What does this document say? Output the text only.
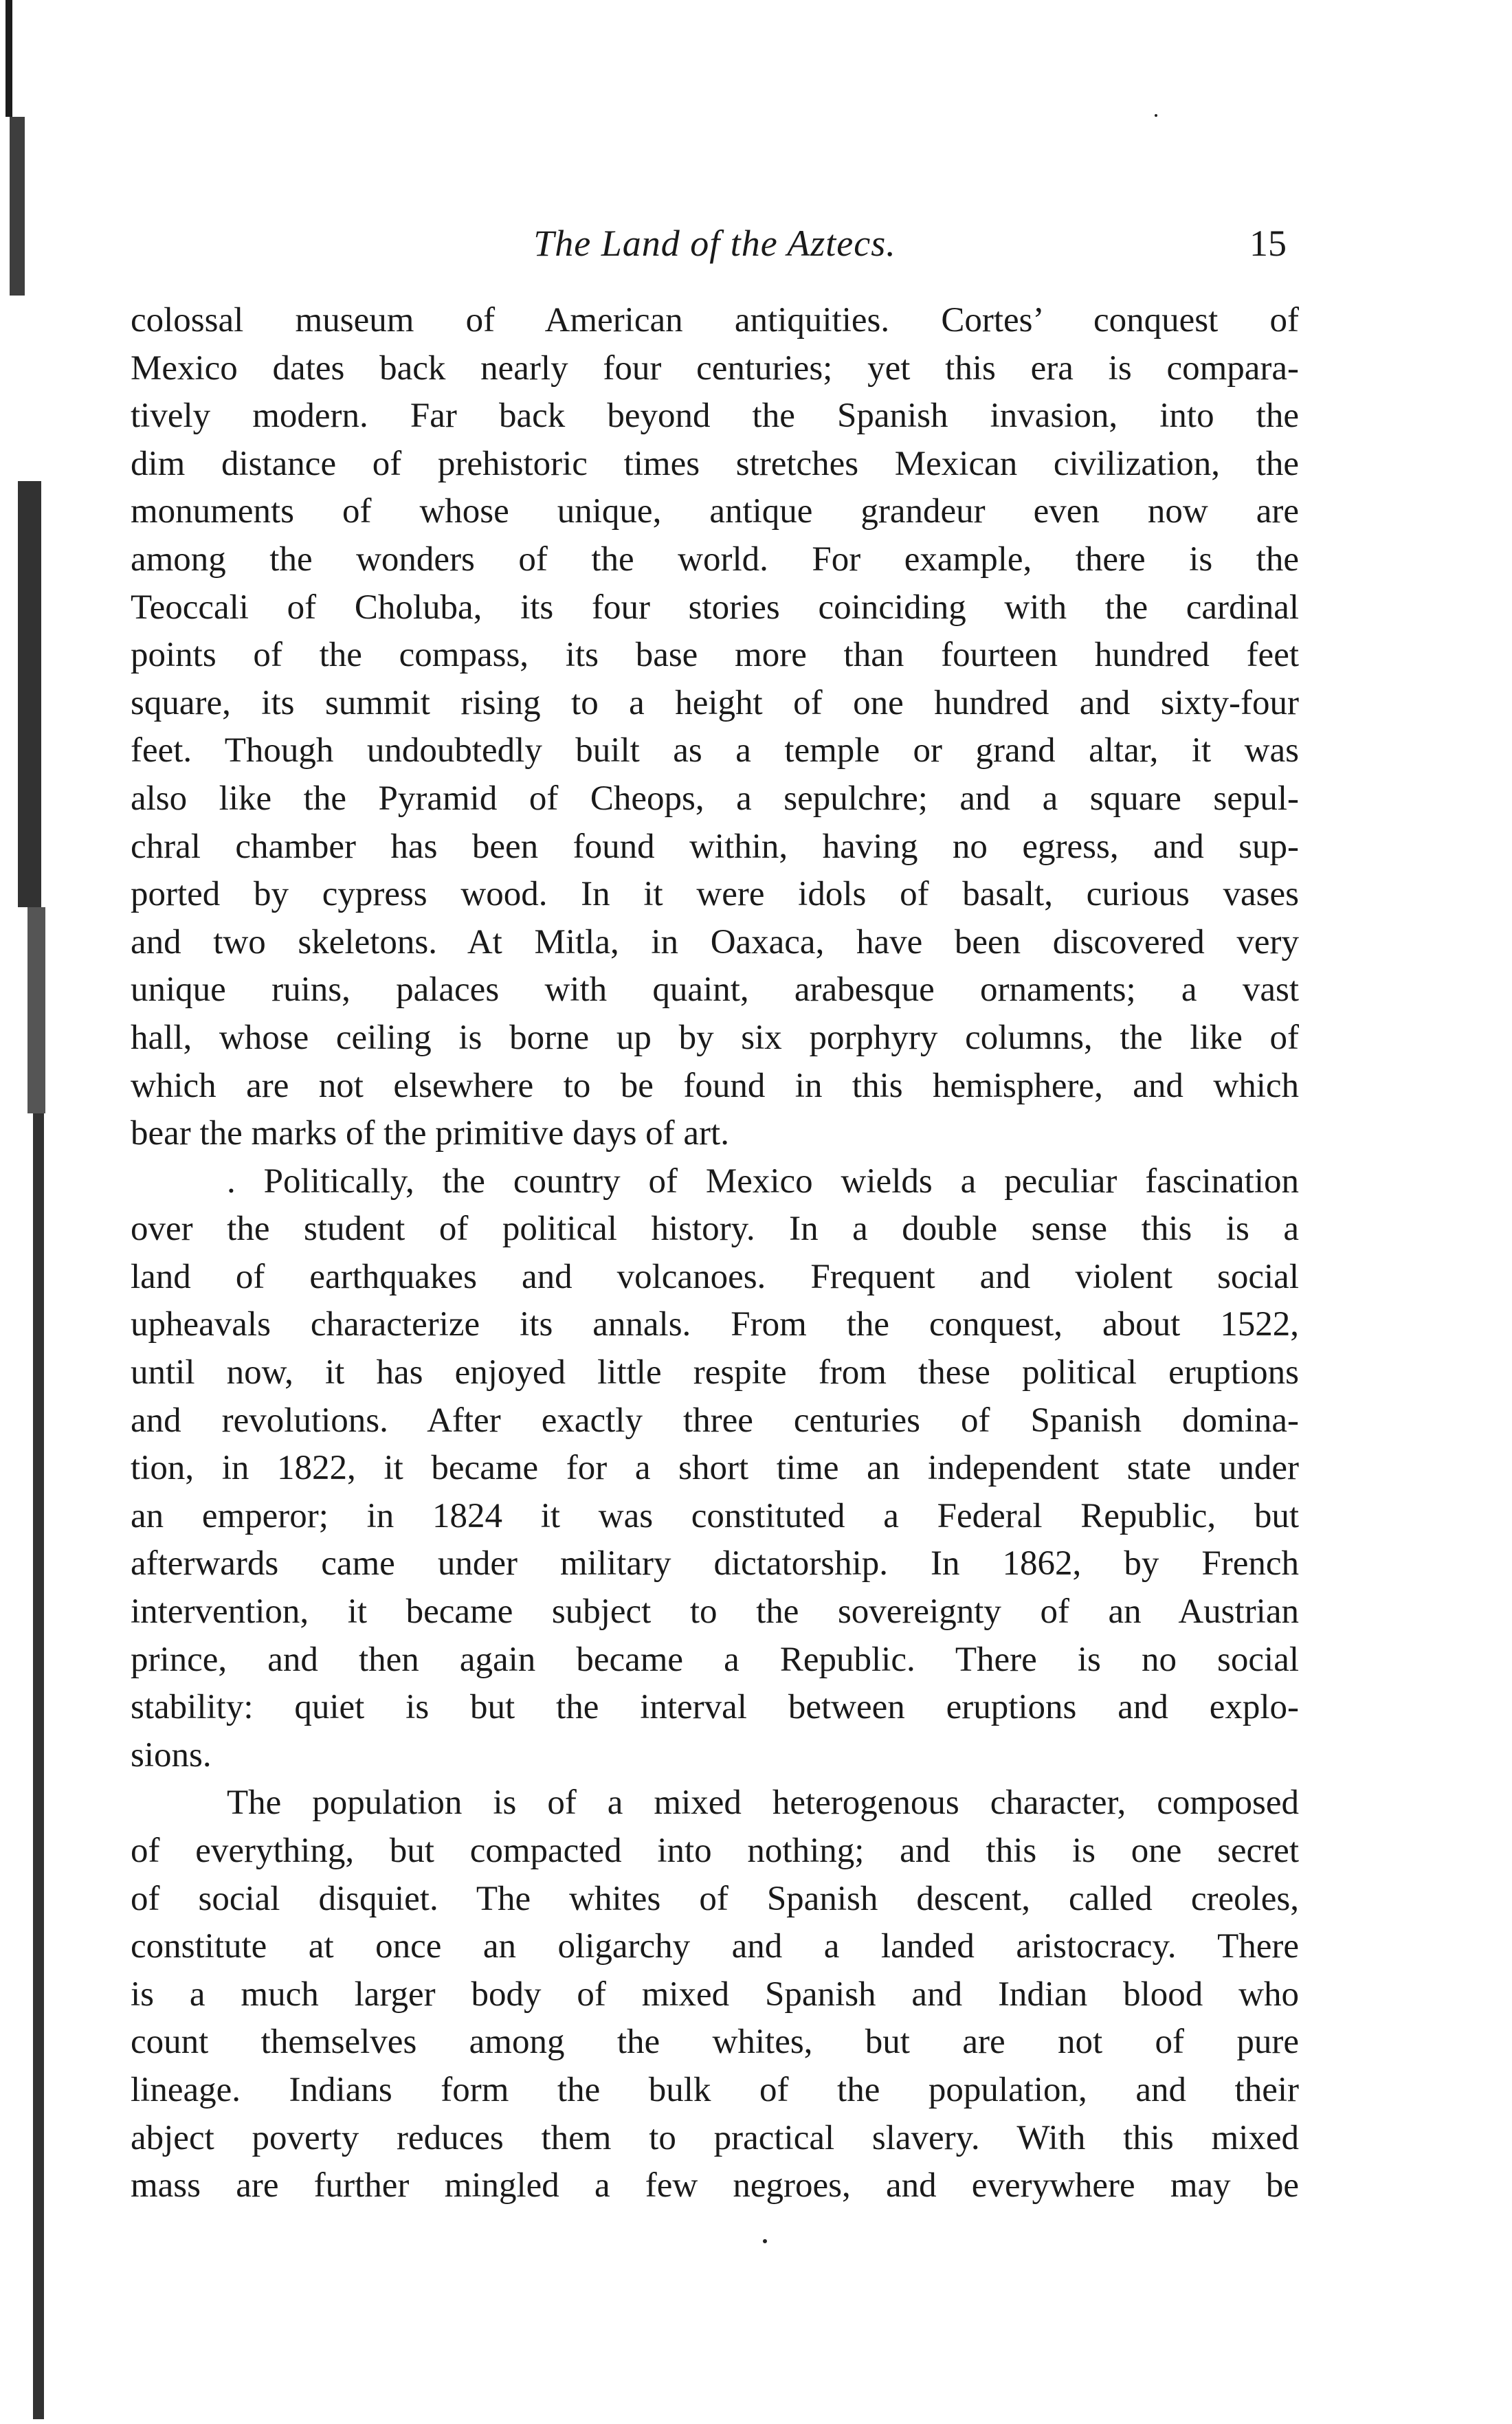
The Land of the Aztecs.	15
colossal museum of American antiquities. Cortes’ conquest of
Mexico dates back nearly four centuries; yet this era is compara-
tively modern. Far back beyond the Spanish invasion, into the
dim distance of prehistoric times stretches Mexican civilization, the
monuments of whose unique, antique grandeur even now are
among the wonders of the world. For example, there is the
Teoccali of Choluba, its four stories coinciding with the cardinal
points of the compass, its base more than fourteen hundred feet
square, its summit rising to a height of one hundred and sixty-four
feet. Though undoubtedly built as a temple or grand altar, it was
also like the Pyramid of Cheops, a sepulchre; and a square sepul-
chral chamber has been found within, having no egress, and sup-
ported by cypress wood. In it were idols of basalt, curious vases
and two skeletons. At Mitla, in Oaxaca, have been discovered very
unique ruins, palaces with quaint, arabesque ornaments; a vast
hall, whose ceiling is borne up by six porphyry columns, the like of
which are not elsewhere to be found in this hemisphere, and which
bear the marks of the primitive days of art.
. Politically, the country of Mexico wields a peculiar fascination
over the student of political history. In a double sense this is a
land of earthquakes and volcanoes. Frequent and violent social
upheavals characterize its annals. From the conquest, about 1522,
until now, it has enjoyed little respite from these political eruptions
and revolutions. After exactly three centuries of Spanish domina-
tion, in 1822, it became for a short time an independent state under
an emperor; in 1824 it was constituted a Federal Republic, but
afterwards came under military dictatorship. In 1862, by French
intervention, it became subject to the sovereignty of an Austrian
prince, and then again became a Republic. There is no social
stability: quiet is but the interval between eruptions and explo-
sions.
The population is of a mixed heterogenous character, composed
of everything, but compacted into nothing; and this is one secret
of social disquiet. The whites of Spanish descent, called creoles,
constitute at once an oligarchy and a landed aristocracy. There
is a much larger body of mixed Spanish and Indian blood who
count themselves among the whites, but are not of pure
lineage. Indians form the bulk of the population, and their
abject poverty reduces them to practical slavery. With this mixed
mass are further mingled a few negroes, and everywhere may be
